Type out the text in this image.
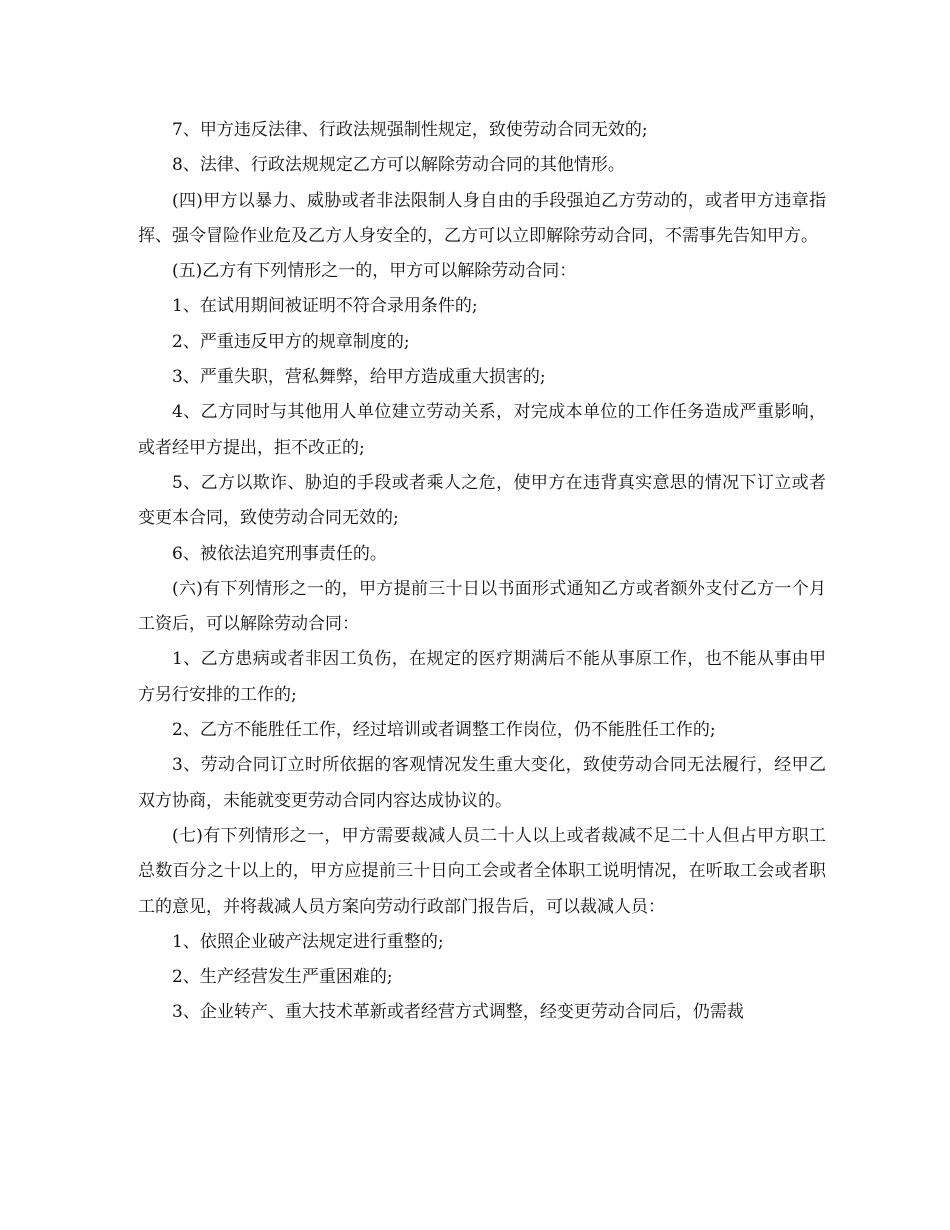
7、甲方违反法律、行政法规强制性规定，致使劳动合同无效的;

8、法律、行政法规规定乙方可以解除劳动合同的其他情形。

(四)甲方以暴力、威胁或者非法限制人身自由的手段强迫乙方劳动的，或者甲方违章指挥、强令冒险作业危及乙方人身安全的，乙方可以立即解除劳动合同，不需事先告知甲方。

(五)乙方有下列情形之一的，甲方可以解除劳动合同：

1、在试用期间被证明不符合录用条件的;

2、严重违反甲方的规章制度的;

3、严重失职，营私舞弊，给甲方造成重大损害的;

4、乙方同时与其他用人单位建立劳动关系，对完成本单位的工作任务造成严重影响，或者经甲方提出，拒不改正的;

5、乙方以欺诈、胁迫的手段或者乘人之危，使甲方在违背真实意思的情况下订立或者变更本合同，致使劳动合同无效的;

6、被依法追究刑事责任的。

(六)有下列情形之一的，甲方提前三十日以书面形式通知乙方或者额外支付乙方一个月工资后，可以解除劳动合同：

1、乙方患病或者非因工负伤，在规定的医疗期满后不能从事原工作，也不能从事由甲方另行安排的工作的;

2、乙方不能胜任工作，经过培训或者调整工作岗位，仍不能胜任工作的;

3、劳动合同订立时所依据的客观情况发生重大变化，致使劳动合同无法履行，经甲乙双方协商，未能就变更劳动合同内容达成协议的。

(七)有下列情形之一，甲方需要裁减人员二十人以上或者裁减不足二十人但占甲方职工总数百分之十以上的，甲方应提前三十日向工会或者全体职工说明情况，在听取工会或者职工的意见，并将裁减人员方案向劳动行政部门报告后，可以裁减人员：

1、依照企业破产法规定进行重整的;

2、生产经营发生严重困难的;

3、企业转产、重大技术革新或者经营方式调整，经变更劳动合同后，仍需裁
